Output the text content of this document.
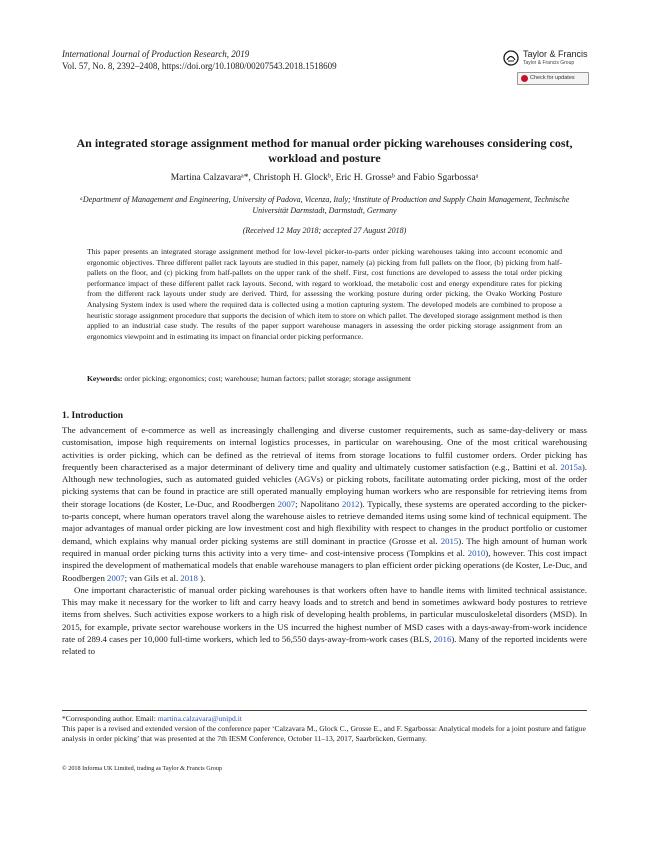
International Journal of Production Research, 2019
Vol. 57, No. 8, 2392–2408, https://doi.org/10.1080/00207543.2018.1518609
Taylor & Francis
Taylor & Francis Group
Check for updates
An integrated storage assignment method for manual order picking warehouses considering cost, workload and posture
Martina Calzavaraᵃ*, Christoph H. Glockᵇ, Eric H. Grosseᵇ and Fabio Sgarbossaᵃ
ᵃDepartment of Management and Engineering, University of Padova, Vicenza, Italy; ᵇInstitute of Production and Supply Chain Management, Technische Universität Darmstadt, Darmstadt, Germany
(Received 12 May 2018; accepted 27 August 2018)
This paper presents an integrated storage assignment method for low-level picker-to-parts order picking warehouses taking into account economic and ergonomic objectives. Three different pallet rack layouts are studied in this paper, namely (a) picking from full pallets on the floor, (b) picking from half-pallets on the floor, and (c) picking from half-pallets on the upper rank of the shelf. First, cost functions are developed to assess the total order picking performance impact of these different pallet rack layouts. Second, with regard to workload, the metabolic cost and energy expenditure rates for picking from the different rack layouts under study are derived. Third, for assessing the working posture during order picking, the Ovako Working Posture Analysing System index is used where the required data is collected using a motion capturing system. The developed models are combined to propose a heuristic storage assignment procedure that supports the decision of which item to store on which pallet. The developed storage assignment method is then applied to an industrial case study. The results of the paper support warehouse managers in assessing the order picking storage assignment from an ergonomics viewpoint and in estimating its impact on financial order picking performance.
Keywords: order picking; ergonomics; cost; warehouse; human factors; pallet storage; storage assignment
1. Introduction

The advancement of e-commerce as well as increasingly challenging and diverse customer requirements, such as same-day-delivery or mass customisation, impose high requirements on internal logistics processes, in particular on warehousing. One of the most critical warehousing activities is order picking, which can be defined as the retrieval of items from storage locations to fulfil customer orders. Order picking has frequently been characterised as a major determinant of delivery time and quality and ultimately customer satisfaction (e.g., Battini et al. 2015a). Although new technologies, such as automated guided vehicles (AGVs) or picking robots, facilitate automating order picking, most of the order picking systems that can be found in practice are still operated manually employing human workers who are responsible for retrieving items from their storage locations (de Koster, Le-Duc, and Roodbergen 2007; Napolitano 2012). Typically, these systems are operated according to the picker-to-parts concept, where human operators travel along the warehouse aisles to retrieve demanded items using some kind of technical equipment. The major advantages of manual order picking are low investment cost and high flexibility with respect to changes in the product portfolio or customer demand, which explains why manual order picking systems are still dominant in practice (Grosse et al. 2015). The high amount of human work required in manual order picking turns this activity into a very time- and cost-intensive process (Tompkins et al. 2010), however. This cost impact inspired the development of mathematical models that enable warehouse managers to plan efficient order picking operations (de Koster, Le-Duc, and Roodbergen 2007; van Gils et al. 2018 ).

One important characteristic of manual order picking warehouses is that workers often have to handle items with limited technical assistance. This may make it necessary for the worker to lift and carry heavy loads and to stretch and bend in sometimes awkward body postures to retrieve items from shelves. Such activities expose workers to a high risk of developing health problems, in particular musculoskeletal disorders (MSD). In 2015, for example, private sector warehouse workers in the US incurred the highest number of MSD cases with a days-away-from-work incidence rate of 289.4 cases per 10,000 full-time workers, which led to 56,550 days-away-from-work cases (BLS, 2016). Many of the reported incidents were related to

*Corresponding author. Email: martina.calzavara@unipd.it

This paper is a revised and extended version of the conference paper ‘Calzavara M., Glock C., Grosse E., and F. Sgarbossa: Analytical models for a joint posture and fatigue analysis in order picking’ that was presented at the 7th IESM Conference, October 11–13, 2017, Saarbrücken, Germany.

© 2018 Informa UK Limited, trading as Taylor & Francis Group
